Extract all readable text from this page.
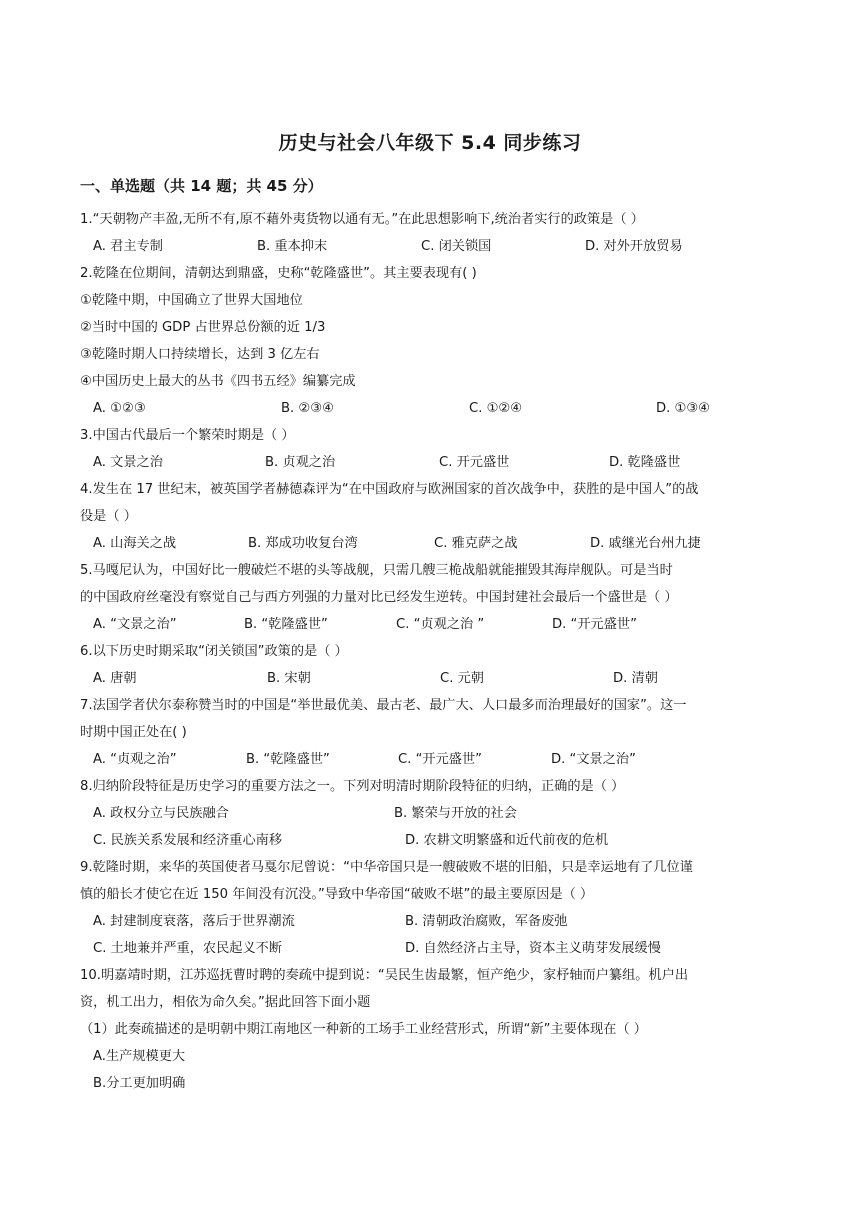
历史与社会八年级下 5.4 同步练习
一、单选题（共 14 题；共 45 分）
1.“天朝物产丰盈,无所不有,原不藉外夷货物以通有无。”在此思想影响下,统治者实行的政策是（ ）
A. 君主专制	B. 重本抑末	C. 闭关锁国	D. 对外开放贸易
2.乾隆在位期间，清朝达到鼎盛，史称“乾隆盛世”。其主要表现有( )
①乾隆中期，中国确立了世界大国地位
②当时中国的 GDP 占世界总份额的近 1/3
③乾隆时期人口持续增长，达到 3 亿左右
④中国历史上最大的丛书《四书五经》编纂完成
A. ①②③	B. ②③④	C. ①②④	D. ①③④
3.中国古代最后一个繁荣时期是（ ）
A. 文景之治	B. 贞观之治	C. 开元盛世	D. 乾隆盛世
4.发生在 17 世纪末，被英国学者赫德森评为“在中国政府与欧洲国家的首次战争中，获胜的是中国人”的战
役是（ ）
A. 山海关之战	B. 郑成功收复台湾	C. 雅克萨之战	D. 戚继光台州九捷
5.马嘎尼认为，中国好比一艘破烂不堪的头等战舰，只需几艘三桅战船就能摧毁其海岸舰队。可是当时
的中国政府丝毫没有察觉自己与西方列强的力量对比已经发生逆转。中国封建社会最后一个盛世是（ ）
A. “文景之治”	B. “乾隆盛世”	C. “贞观之治 ”	D. “开元盛世”
6.以下历史时期采取“闭关锁国”政策的是（ ）
A. 唐朝	B. 宋朝	C. 元朝	D. 清朝
7.法国学者伏尔泰称赞当时的中国是“举世最优美、最古老、最广大、人口最多而治理最好的国家”。这一
时期中国正处在( )
A. “贞观之治”	B. “乾隆盛世”	C. “开元盛世”	D. “文景之治”
8.归纳阶段特征是历史学习的重要方法之一。下列对明清时期阶段特征的归纳，正确的是（ ）
A. 政权分立与民族融合	B. 繁荣与开放的社会
C. 民族关系发展和经济重心南移	D. 农耕文明繁盛和近代前夜的危机
9.乾隆时期，来华的英国使者马戛尔尼曾说：“中华帝国只是一艘破败不堪的旧船，只是幸运地有了几位谨
慎的船长才使它在近 150 年间没有沉没。”导致中华帝国“破败不堪”的最主要原因是（ ）
A. 封建制度衰落，落后于世界潮流	B. 清朝政治腐败，军备废弛
C. 土地兼并严重，农民起义不断	D. 自然经济占主导，资本主义萌芽发展缓慢
10.明嘉靖时期，江苏巡抚曹时聘的奏疏中提到说：“吴民生齿最繁，恒产绝少，家杼轴而户纂组。机户出
资，机工出力，相依为命久矣。”据此回答下面小题
（1）此奏疏描述的是明朝中期江南地区一种新的工场手工业经营形式，所谓“新”主要体现在（ ）
A.生产规模更大
B.分工更加明确
